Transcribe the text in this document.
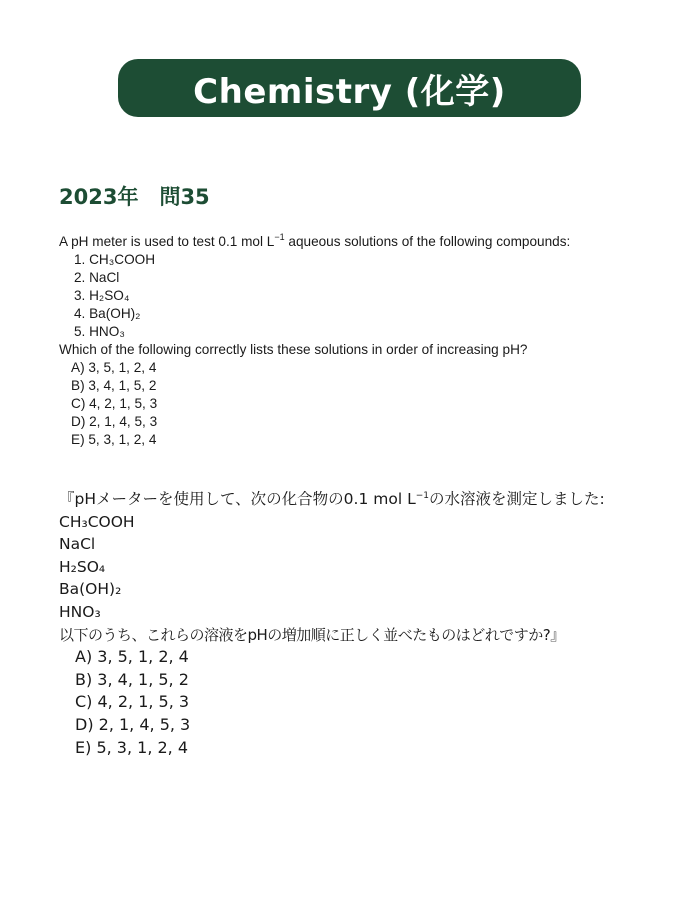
Chemistry (化学)
2023年　問35
A pH meter is used to test 0.1 mol $L^{-1}$ aqueous solutions of the following compounds:
1. CH₃COOH
2. NaCl
3. H₂SO₄
4. Ba(OH)₂
5. HNO₃
Which of the following correctly lists these solutions in order of increasing pH?
A) 3, 5, 1, 2, 4
B) 3, 4, 1, 5, 2
C) 4, 2, 1, 5, 3
D) 2, 1, 4, 5, 3
E) 5, 3, 1, 2, 4
『pHメーターを使用して、次の化合物の0.1 mol $L^{-1}$の水溶液を測定しました:
CH₃COOH
NaCl
H₂SO₄
Ba(OH)₂
HNO₃
以下のうち、これらの溶液をpHの増加順に正しく並べたものはどれですか?』
A) 3, 5, 1, 2, 4
B) 3, 4, 1, 5, 2
C) 4, 2, 1, 5, 3
D) 2, 1, 4, 5, 3
E) 5, 3, 1, 2, 4
